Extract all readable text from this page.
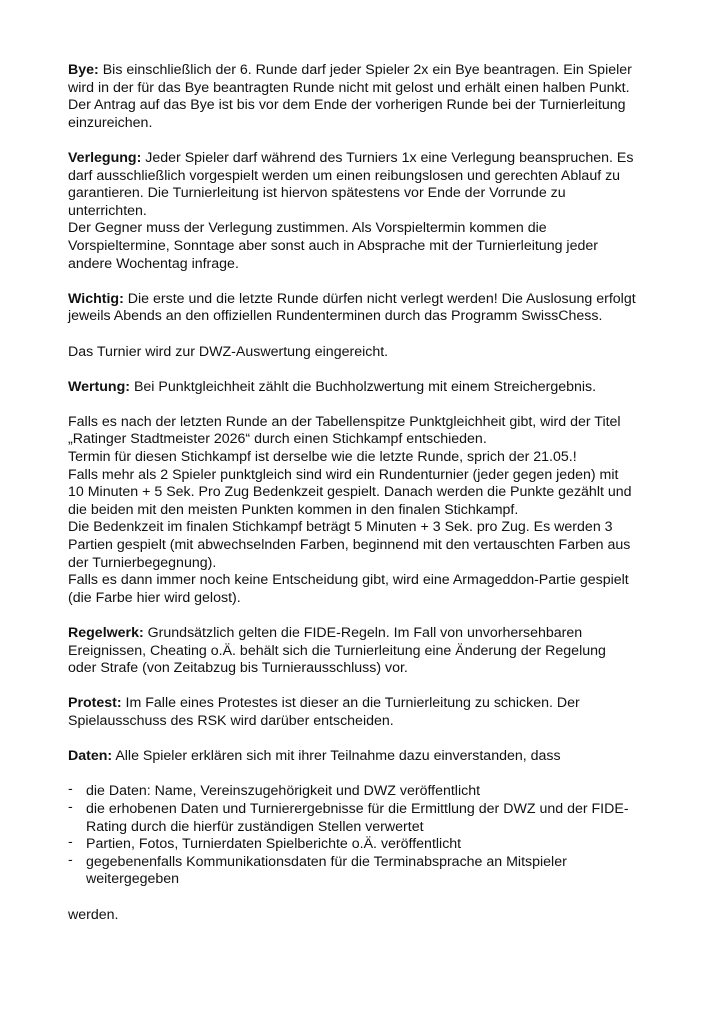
Bye: Bis einschließlich der 6. Runde darf jeder Spieler 2x ein Bye beantragen. Ein Spieler
wird in der für das Bye beantragten Runde nicht mit gelost und erhält einen halben Punkt.
Der Antrag auf das Bye ist bis vor dem Ende der vorherigen Runde bei der Turnierleitung
einzureichen.

Verlegung: Jeder Spieler darf während des Turniers 1x eine Verlegung beanspruchen. Es
darf ausschließlich vorgespielt werden um einen reibungslosen und gerechten Ablauf zu
garantieren. Die Turnierleitung ist hiervon spätestens vor Ende der Vorrunde zu
unterrichten.
Der Gegner muss der Verlegung zustimmen. Als Vorspieltermin kommen die
Vorspieltermine, Sonntage aber sonst auch in Absprache mit der Turnierleitung jeder
andere Wochentag infrage.

Wichtig: Die erste und die letzte Runde dürfen nicht verlegt werden! Die Auslosung erfolgt
jeweils Abends an den offiziellen Rundenterminen durch das Programm SwissChess.

Das Turnier wird zur DWZ-Auswertung eingereicht.

Wertung: Bei Punktgleichheit zählt die Buchholzwertung mit einem Streichergebnis.

Falls es nach der letzten Runde an der Tabellenspitze Punktgleichheit gibt, wird der Titel
„Ratinger Stadtmeister 2026“ durch einen Stichkampf entschieden.
Termin für diesen Stichkampf ist derselbe wie die letzte Runde, sprich der 21.05.!
Falls mehr als 2 Spieler punktgleich sind wird ein Rundenturnier (jeder gegen jeden) mit
10 Minuten + 5 Sek. Pro Zug Bedenkzeit gespielt. Danach werden die Punkte gezählt und
die beiden mit den meisten Punkten kommen in den finalen Stichkampf.
Die Bedenkzeit im finalen Stichkampf beträgt 5 Minuten + 3 Sek. pro Zug. Es werden 3
Partien gespielt (mit abwechselnden Farben, beginnend mit den vertauschten Farben aus
der Turnierbegegnung).
Falls es dann immer noch keine Entscheidung gibt, wird eine Armageddon-Partie gespielt
(die Farbe hier wird gelost).

Regelwerk: Grundsätzlich gelten die FIDE-Regeln. Im Fall von unvorhersehbaren
Ereignissen, Cheating o.Ä. behält sich die Turnierleitung eine Änderung der Regelung
oder Strafe (von Zeitabzug bis Turnierausschluss) vor.

Protest: Im Falle eines Protestes ist dieser an die Turnierleitung zu schicken. Der
Spielausschuss des RSK wird darüber entscheiden.

Daten: Alle Spieler erklären sich mit ihrer Teilnahme dazu einverstanden, dass

- die Daten: Name, Vereinszugehörigkeit und DWZ veröffentlicht
- die erhobenen Daten und Turnierergebnisse für die Ermittlung der DWZ und der FIDE-
Rating durch die hierfür zuständigen Stellen verwertet
- Partien, Fotos, Turnierdaten Spielberichte o.Ä. veröffentlicht
- gegebenenfalls Kommunikationsdaten für die Terminabsprache an Mitspieler
weitergegeben

werden.
